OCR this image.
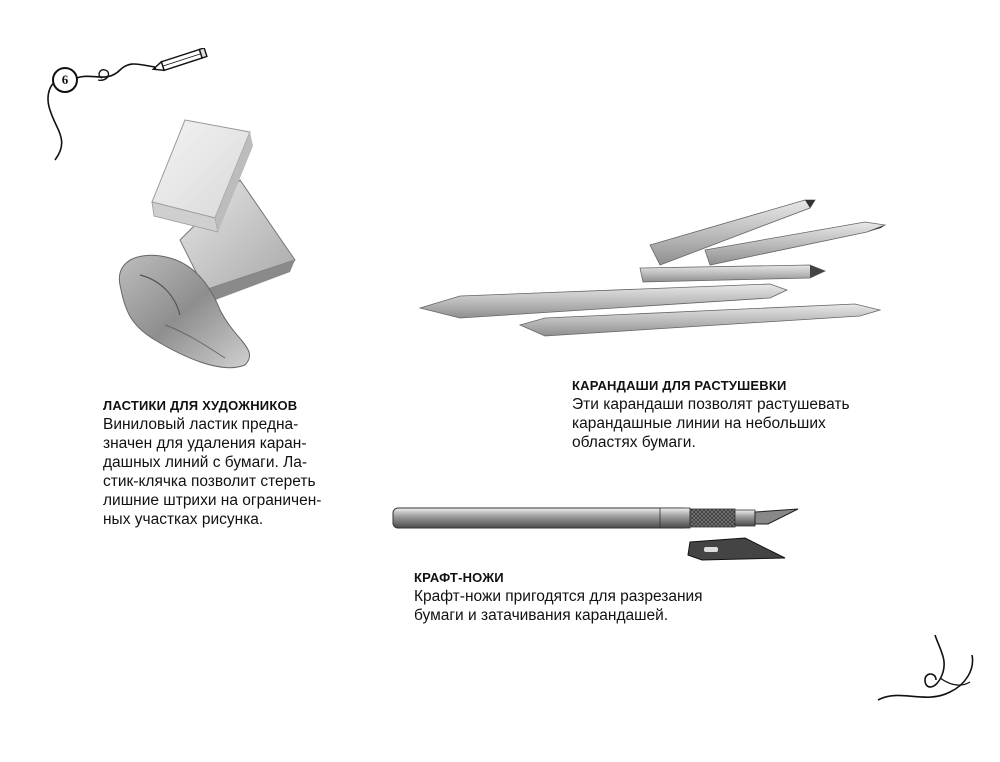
6
ЛАСТИКИ ДЛЯ ХУДОЖНИКОВ
Виниловый ластик предна-
значен для удаления каран-
дашных линий с бумаги. Ла-
стик-клячка позволит стереть
лишние штрихи на ограничен-
ных участках рисунка.
КАРАНДАШИ ДЛЯ РАСТУШЕВКИ
Эти карандаши позволят растушевать
карандашные линии на небольших
областях бумаги.
КРАФТ-НОЖИ
Крафт-ножи пригодятся для разрезания
бумаги и затачивания карандашей.
